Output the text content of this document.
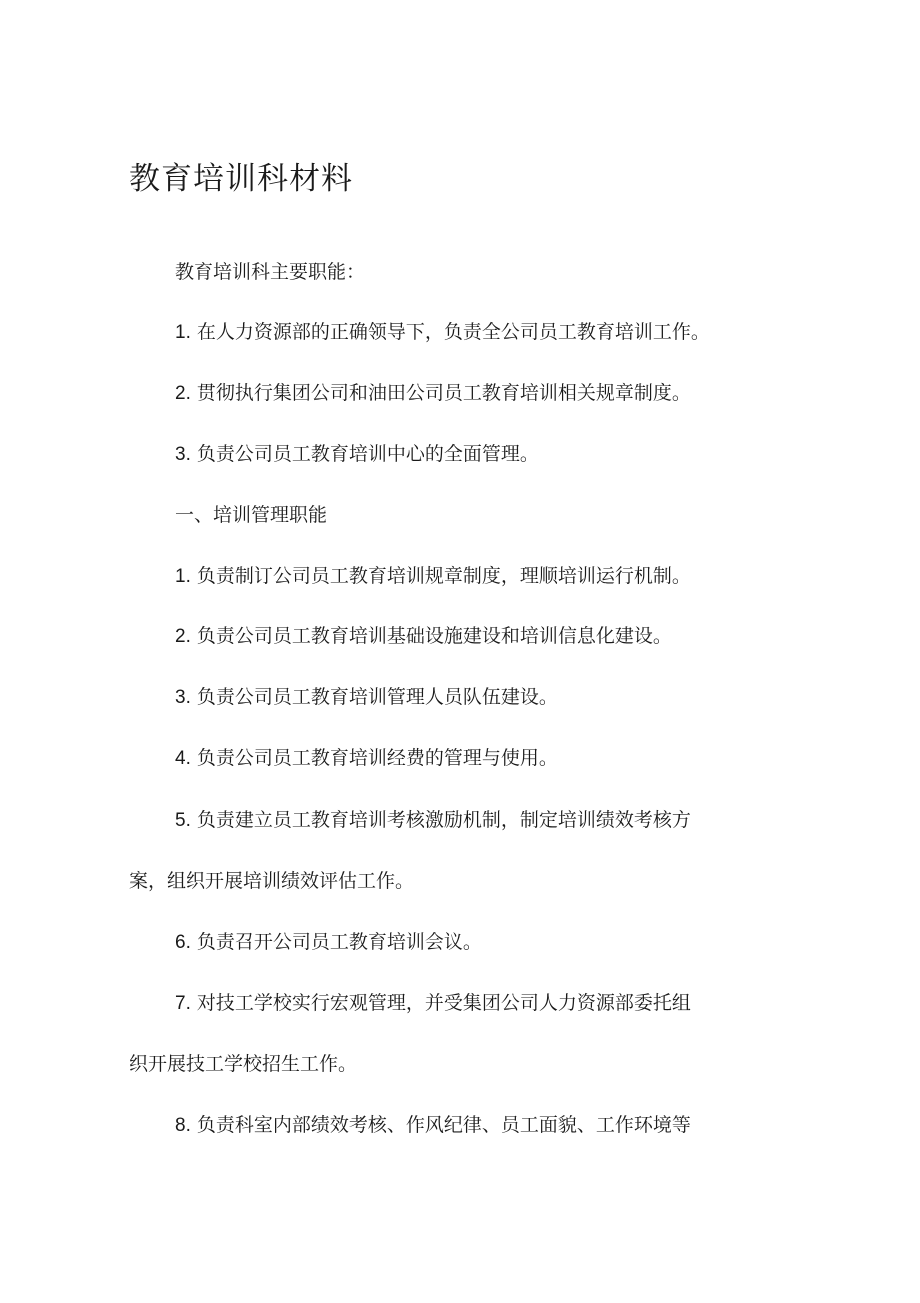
教育培训科材料
教育培训科主要职能：
1. 在人力资源部的正确领导下，负责全公司员工教育培训工作。
2. 贯彻执行集团公司和油田公司员工教育培训相关规章制度。
3. 负责公司员工教育培训中心的全面管理。
一、培训管理职能
1. 负责制订公司员工教育培训规章制度，理顺培训运行机制。
2. 负责公司员工教育培训基础设施建设和培训信息化建设。
3. 负责公司员工教育培训管理人员队伍建设。
4. 负责公司员工教育培训经费的管理与使用。
5. 负责建立员工教育培训考核激励机制，制定培训绩效考核方
案，组织开展培训绩效评估工作。
6. 负责召开公司员工教育培训会议。
7. 对技工学校实行宏观管理，并受集团公司人力资源部委托组
织开展技工学校招生工作。
8. 负责科室内部绩效考核、作风纪律、员工面貌、工作环境等
